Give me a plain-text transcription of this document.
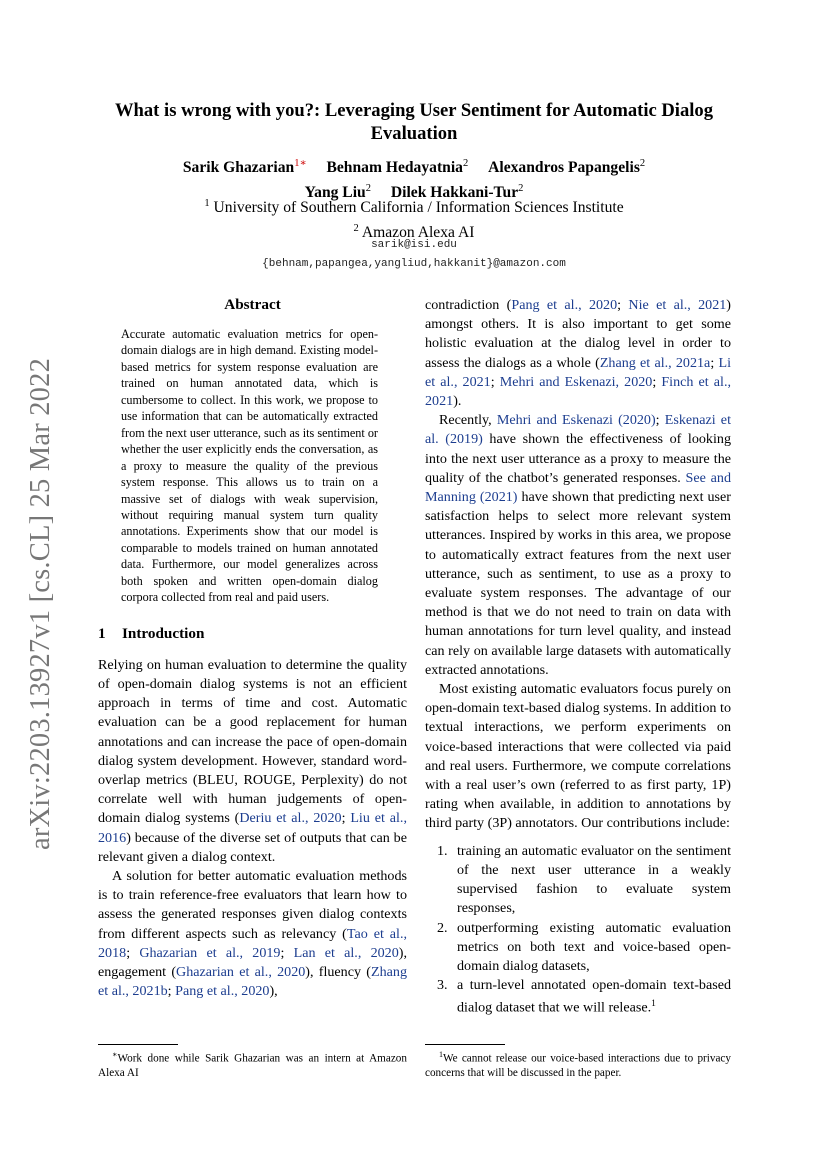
arXiv:2203.13927v1 [cs.CL] 25 Mar 2022
What is wrong with you?: Leveraging User Sentiment for Automatic Dialog Evaluation
Sarik Ghazarian$^{1∗}$ Behnam Hedayatnia$^2$ Alexandros Papangelis$^2$
Yang Liu$^2$ Dilek Hakkani-Tur$^2$
$^1$ University of Southern California / Information Sciences Institute
$^2$ Amazon Alexa AI
sarik@isi.edu
{behnam,papangea,yangliud,hakkanit}@amazon.com
Abstract

Accurate automatic evaluation metrics for open-domain dialogs are in high demand. Existing model-based metrics for system response evaluation are trained on human annotated data, which is cumbersome to collect. In this work, we propose to use information that can be automatically extracted from the next user utterance, such as its sentiment or whether the user explicitly ends the conversation, as a proxy to measure the quality of the previous system response. This allows us to train on a massive set of dialogs with weak supervision, without requiring manual system turn quality annotations. Experiments show that our model is comparable to models trained on human annotated data. Furthermore, our model generalizes across both spoken and written open-domain dialog corpora collected from real and paid users.

1 Introduction

Relying on human evaluation to determine the quality of open-domain dialog systems is not an efficient approach in terms of time and cost. Automatic evaluation can be a good replacement for human annotations and can increase the pace of open-domain dialog system development. However, standard word-overlap metrics (BLEU, ROUGE, Perplexity) do not correlate well with human judgements of open-domain dialog systems (Deriu et al., 2020; Liu et al., 2016) because of the diverse set of outputs that can be relevant given a dialog context.

A solution for better automatic evaluation methods is to train reference-free evaluators that learn how to assess the generated responses given dialog contexts from different aspects such as relevancy (Tao et al., 2018; Ghazarian et al., 2019; Lan et al., 2020), engagement (Ghazarian et al., 2020), fluency (Zhang et al., 2021b; Pang et al., 2020),

contradiction (Pang et al., 2020; Nie et al., 2021) amongst others. It is also important to get some holistic evaluation at the dialog level in order to assess the dialogs as a whole (Zhang et al., 2021a; Li et al., 2021; Mehri and Eskenazi, 2020; Finch et al., 2021).

Recently, Mehri and Eskenazi (2020); Eskenazi et al. (2019) have shown the effectiveness of looking into the next user utterance as a proxy to measure the quality of the chatbot’s generated responses. See and Manning (2021) have shown that predicting next user satisfaction helps to select more relevant system utterances. Inspired by works in this area, we propose to automatically extract features from the next user utterance, such as sentiment, to use as a proxy to evaluate system responses. The advantage of our method is that we do not need to train on data with human annotations for turn level quality, and instead can rely on available large datasets with automatically extracted annotations.

Most existing automatic evaluators focus purely on open-domain text-based dialog systems. In addition to textual interactions, we perform experiments on voice-based interactions that were collected via paid and real users. Furthermore, we compute correlations with a real user’s own (referred to as first party, 1P) rating when available, in addition to annotations by third party (3P) annotators. Our contributions include:

1. training an automatic evaluator on the sentiment of the next user utterance in a weakly supervised fashion to evaluate system responses,
2. outperforming existing automatic evaluation metrics on both text and voice-based open-domain dialog datasets,
3. a turn-level annotated open-domain text-based dialog dataset that we will release.$^1$
∗Work done while Sarik Ghazarian was an intern at Amazon Alexa AI
$^1$We cannot release our voice-based interactions due to privacy concerns that will be discussed in the paper.
